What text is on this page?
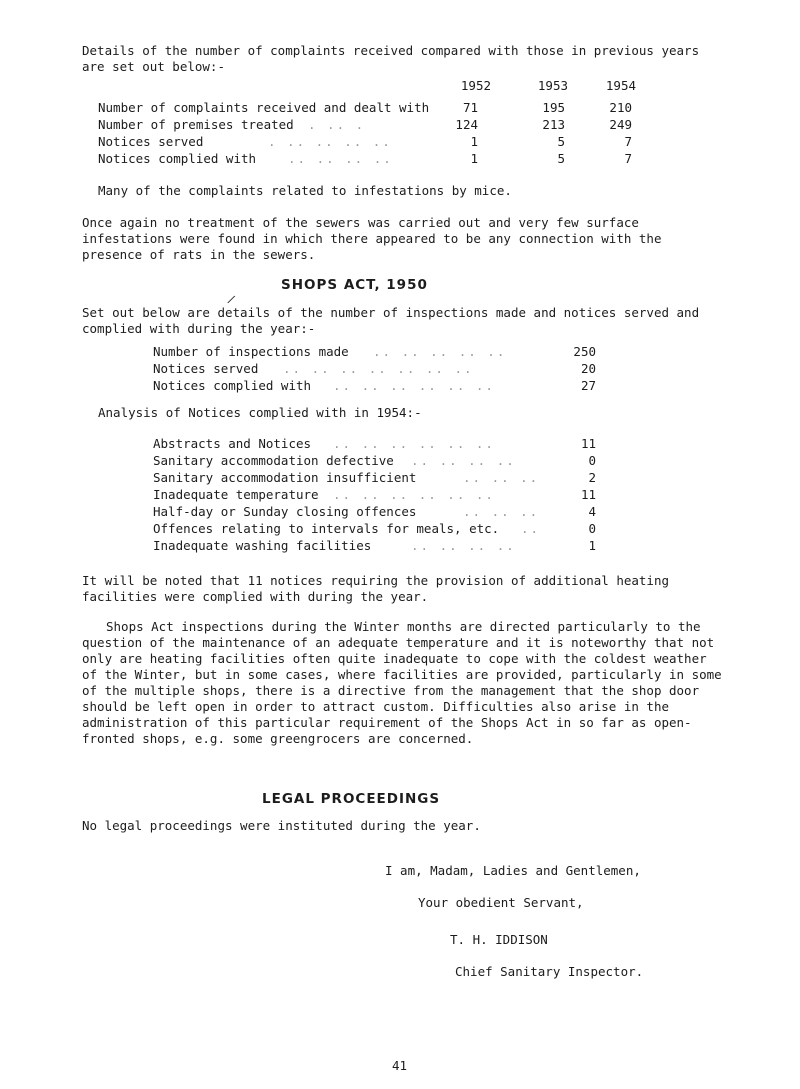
Details of the number of complaints received compared with those in previous years are set out below:-

1952	1953	1954
Number of complaints received and dealt with	71	195	210
Number of premises treated . .. .	124	213	249
Notices served	. .. .. .. ..	1	5	7
Notices complied with	.. .. .. ..	1	5	7
Many of the complaints related to infestations by mice.

Once again no treatment of the sewers was carried out and very few surface infestations were found in which there appeared to be any connection with the presence of rats in the sewers.

SHOPS ACT, 1950
/

Set out below are details of the number of inspections made and notices served and complied with during the year:-

Number of inspections made .. .. .. .. ..	250
Notices served .. .. .. .. .. .. ..	20
Notices complied with .. .. .. .. .. ..	27
Analysis of Notices complied with in 1954:-
Abstracts and Notices .. .. .. .. .. ..	11
Sanitary accommodation defective .. .. .. ..	0
Sanitary accommodation insufficient	.. .. ..	2
Inadequate temperature .. .. .. .. .. ..	11
Half-day or Sunday closing offences	.. .. ..	4
Offences relating to intervals for meals, etc. ..	0
Inadequate washing facilities	.. .. .. ..	1

It will be noted that 11 notices requiring the provision of additional heating facilities were complied with during the year.

Shops Act inspections during the Winter months are directed particularly to the question of the maintenance of an adequate temperature and it is noteworthy that not only are heating facilities often quite inadequate to cope with the coldest weather of the Winter, but in some cases, where facilities are provided, particularly in some of the multiple shops, there is a directive from the management that the shop door should be left open in order to attract custom. Difficulties also arise in the administration of this particular requirement of the Shops Act in so far as open-fronted shops, e.g. some greengrocers are concerned.

LEGAL PROCEEDINGS
No legal proceedings were instituted during the year.
I am, Madam, Ladies and Gentlemen,
Your obedient Servant,
T. H. IDDISON
Chief Sanitary Inspector.
41
